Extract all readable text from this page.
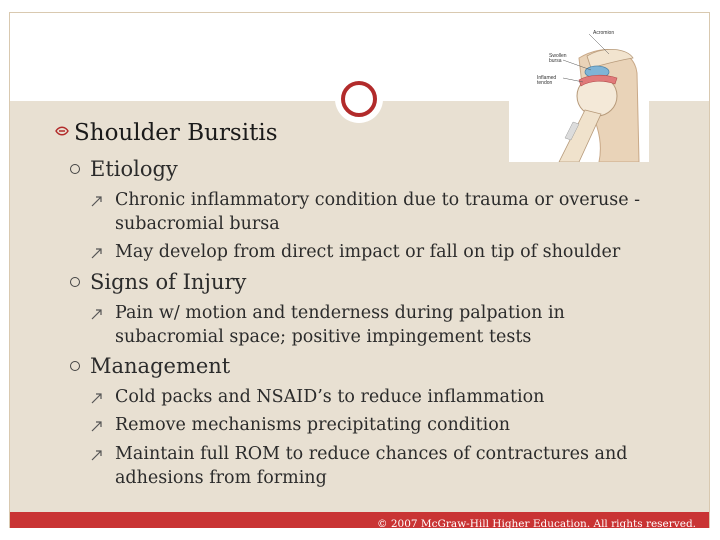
Acromion
Swollen bursa
Inflamed tendon
Shoulder Bursitis
Etiology
Chronic inflammatory condition due to trauma or overuse - subacromial bursa
May develop from direct impact or fall on tip of shoulder
Signs of Injury
Pain w/ motion and tenderness during palpation in subacromial space; positive impingement tests
Management
Cold packs and NSAID’s to reduce inflammation
Remove mechanisms precipitating condition
Maintain full ROM to reduce chances of contractures and adhesions from forming
© 2007 McGraw-Hill Higher Education. All rights reserved.
